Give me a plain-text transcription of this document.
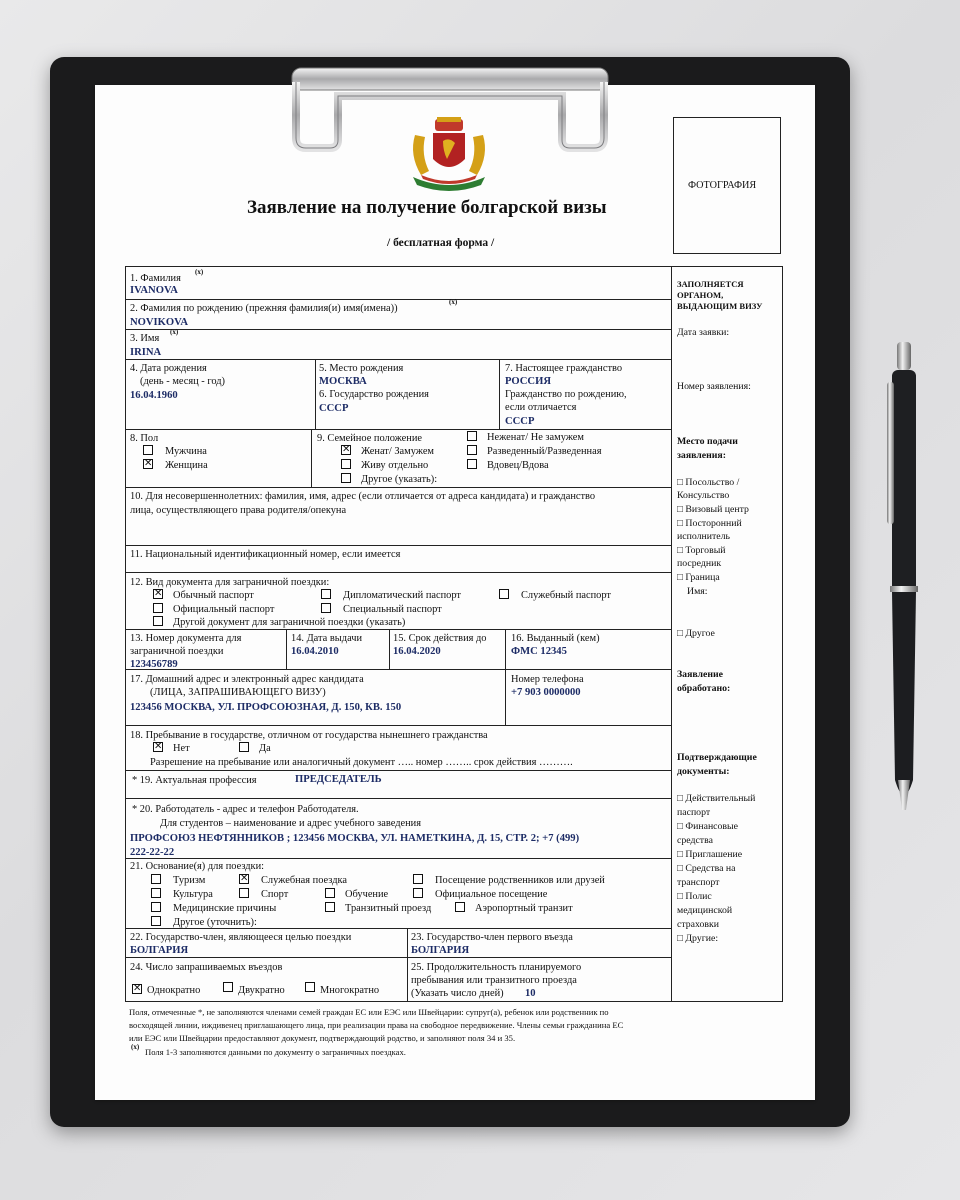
Заявление на получение болгарской визы
/ бесплатная форма /
ФОТОГРАФИЯ
1. Фамилия
(x)
IVANOVA
2. Фамилия по рождению (прежняя фамилия(и) имя(имена))
(x)
NOVIKOVA
3. Имя
(x)
IRINA
4. Дата рождения
(день - месяц - год)
16.04.1960
5. Место рождения
МОСКВА
6. Государство рождения
СССР
7. Настоящее гражданство
РОССИЯ
Гражданство по рождению,
если отличается
СССР
8. Пол
Мужчина
✕ Женщина
9. Семейное положение	Неженат/ Не замужем
✕ Женат/ Замужем	Разведенный/Разведенная
Живу отдельно	Вдовец/Вдова
Другое (указать):
10. Для несовершеннолетних: фамилия, имя, адрес (если отличается от адреса кандидата) и гражданство
лица, осуществляющего права родителя/опекуна
11. Национальный идентификационный номер, если имеется
12. Вид документа для заграничной поездки:
✕ Обычный паспорт	Дипломатический паспорт	Служебный паспорт
Официальный паспорт	Специальный паспорт
Другой документ для заграничной поездки (указать)
13. Номер документа для
заграничной поездки
123456789
14. Дата выдачи
16.04.2010
15. Срок действия до
16.04.2020
16. Выданный (кем)
ФМС 12345
17. Домашний адрес и электронный адрес кандидата
(ЛИЦА, ЗАПРАШИВАЮЩЕГО ВИЗУ)
123456 МОСКВА, УЛ. ПРОФСОЮЗНАЯ, Д. 150, КВ. 150
Номер телефона
+7 903 0000000
18. Пребывание в государстве, отличном от государства нынешнего гражданства
✕ Нет	Да
Разрешение на пребывание или аналогичный документ ….. номер …….. срок действия ……….
* 19. Актуальная профессия	ПРЕДСЕДАТЕЛЬ
* 20. Работодатель - адрес и телефон Работодателя.
Для студентов – наименование и адрес учебного заведения
ПРОФСОЮЗ НЕФТЯННИКОВ ; 123456 МОСКВА, УЛ. НАМЕТКИНА, Д. 15, СТР. 2; +7 (499)
222-22-22
21. Основание(я) для поездки:
Туризм	✕ Служебная поездка	Посещение родственников или друзей
Культура	Спорт	Обучение	Официальное посещение
Медицинские причины	Транзитный проезд	Аэропортный транзит
Другое (уточнить):
22. Государство-член, являющееся целью поездки
БОЛГАРИЯ
23. Государство-член первого въезда
БОЛГАРИЯ
24. Число запрашиваемых въездов
✕ Однократно	Двукратно	Многократно
25. Продолжительность планируемого
пребывания или транзитного проезда
(Указать число дней) 10
ЗАПОЛНЯЕТСЯ
ОРГАНОМ,
ВЫДАЮЩИМ ВИЗУ
Дата заявки:
Номер заявления:
Место подачи
заявления:
□ Посольство /
Консульство
□ Визовый центр
□ Посторонний
исполнитель
□ Торговый
посредник
□ Граница
Имя:
□ Другое
Заявление
обработано:
Подтверждающие
документы:
□ Действительный
паспорт
□ Финансовые
средства
□ Приглашение
□ Средства на
транспорт
□ Полис
медицинской
страховки
□ Другие:
Поля, отмеченные *, не заполняются членами семей граждан ЕС или ЕЭС или Швейцарии: супруг(а), ребенок или родственник по
восходящей линии, иждивенец приглашающего лица, при реализации права на свободное передвижение. Члены семьи гражданина ЕС
или ЕЭС или Швейцарии предоставляют документ, подтверждающий родство, и заполняют поля 34 и 35.
(x) Поля 1-3 заполняются данными по документу о заграничных поездках.
